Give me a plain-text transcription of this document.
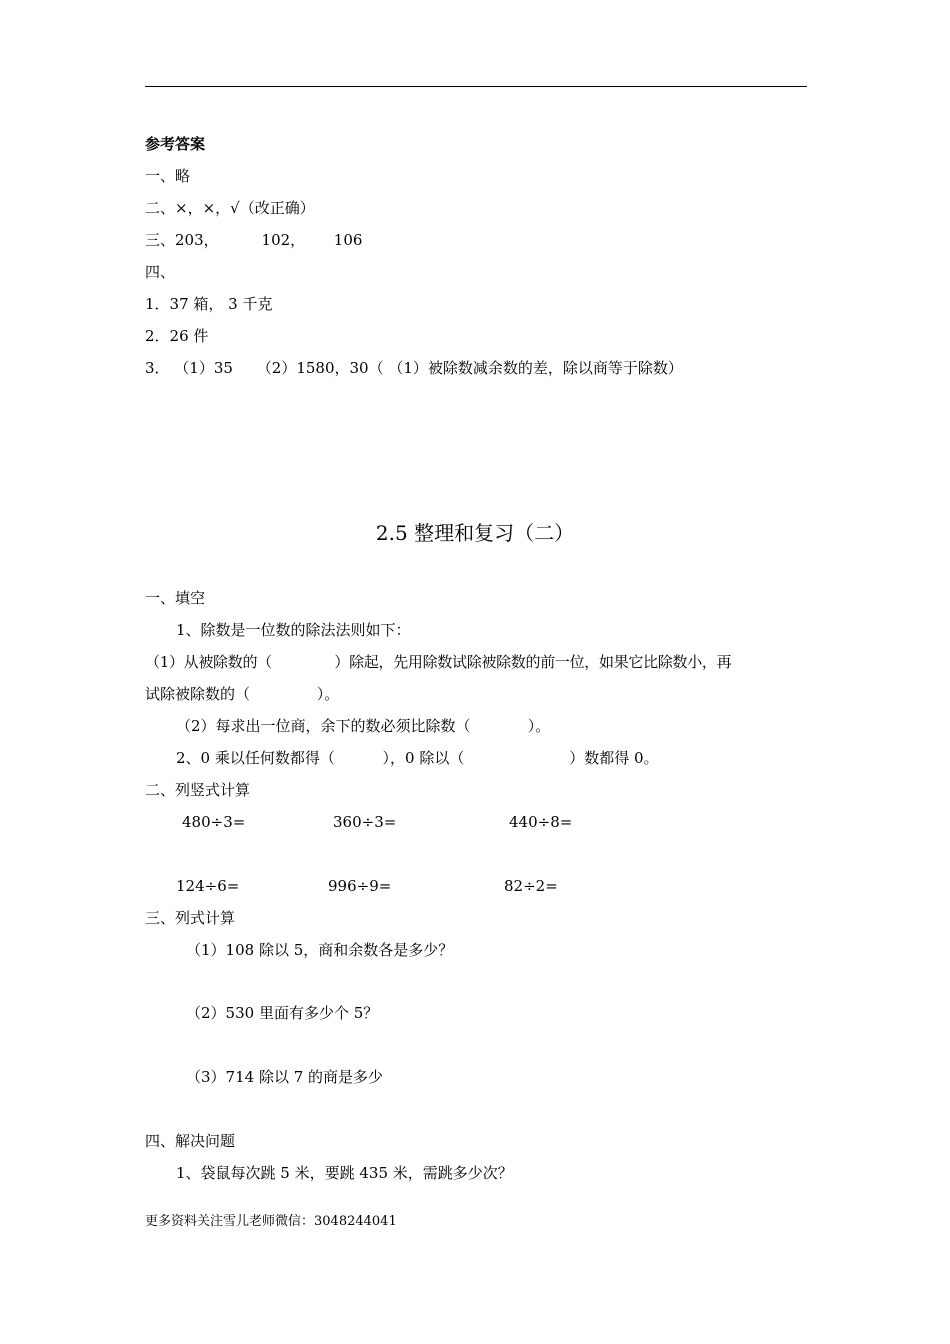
参考答案
一、略
二、×，×，√（改正确）
三、203，         102，      106
四、
1．37 箱， 3 千克
2．26 件
3． （1）35     （2）1580，30（ （1）被除数减余数的差，除以商等于除数）
2.5 整理和复习（二）
一、填空
1、除数是一位数的除法法则如下：
（1）从被除数的（              ）除起，先用除数试除被除数的前一位，如果它比除数小，再
试除被除数的（              ）。
（2）每求出一位商，余下的数必须比除数（            ）。
2、0 乘以任何数都得（          ），0 除以（                      ）数都得 0。
二、列竖式计算
480÷3=	360÷3=	440÷8=
124÷6=	996÷9=	82÷2=
三、列式计算
（1）108 除以 5，商和余数各是多少？
（2）530 里面有多少个 5？
（3）714 除以 7 的商是多少
四、解决问题
1、袋鼠每次跳 5 米，要跳 435 米，需跳多少次？
更多资料关注雪儿老师微信：3048244041
